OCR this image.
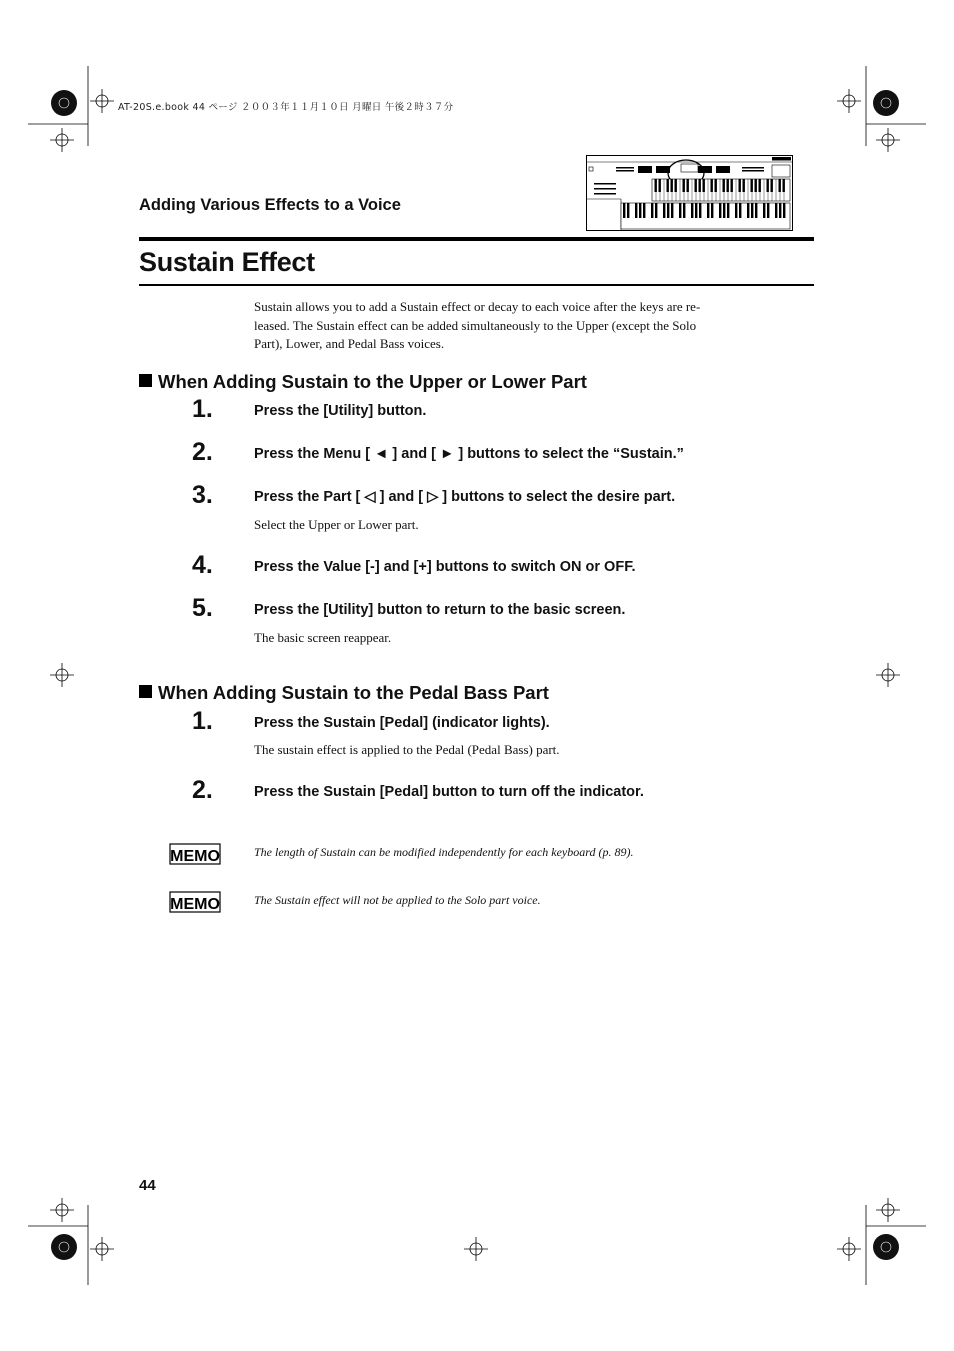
AT-20S.e.book 44 ページ ２００３年１１月１０日 月曜日 午後２時３７分
Adding Various Effects to a Voice
Sustain Effect

Sustain allows you to add a Sustain effect or decay to each voice after the keys are re-

leased. The Sustain effect can be added simultaneously to the Upper (except the Solo

Part), Lower, and Pedal Bass voices.

When Adding Sustain to the Upper or Lower Part
1.	Press the [Utility] button.
2.	Press the Menu [ ◄ ] and [ ► ] buttons to select the “Sustain.”
3.	Press the Part [ ◁ ] and [ ▷ ] buttons to select the desire part.
Select the Upper or Lower part.
4.	Press the Value [-] and [+] buttons to switch ON or OFF.
5.	Press the [Utility] button to return to the basic screen.
The basic screen reappear.
When Adding Sustain to the Pedal Bass Part
1.	Press the Sustain [Pedal] (indicator lights).
The sustain effect is applied to the Pedal (Pedal Bass) part.
2.	Press the Sustain [Pedal] button to turn off the indicator.
MEMO	The length of Sustain can be modified independently for each keyboard (p. 89).
MEMO	The Sustain effect will not be applied to the Solo part voice.
44
